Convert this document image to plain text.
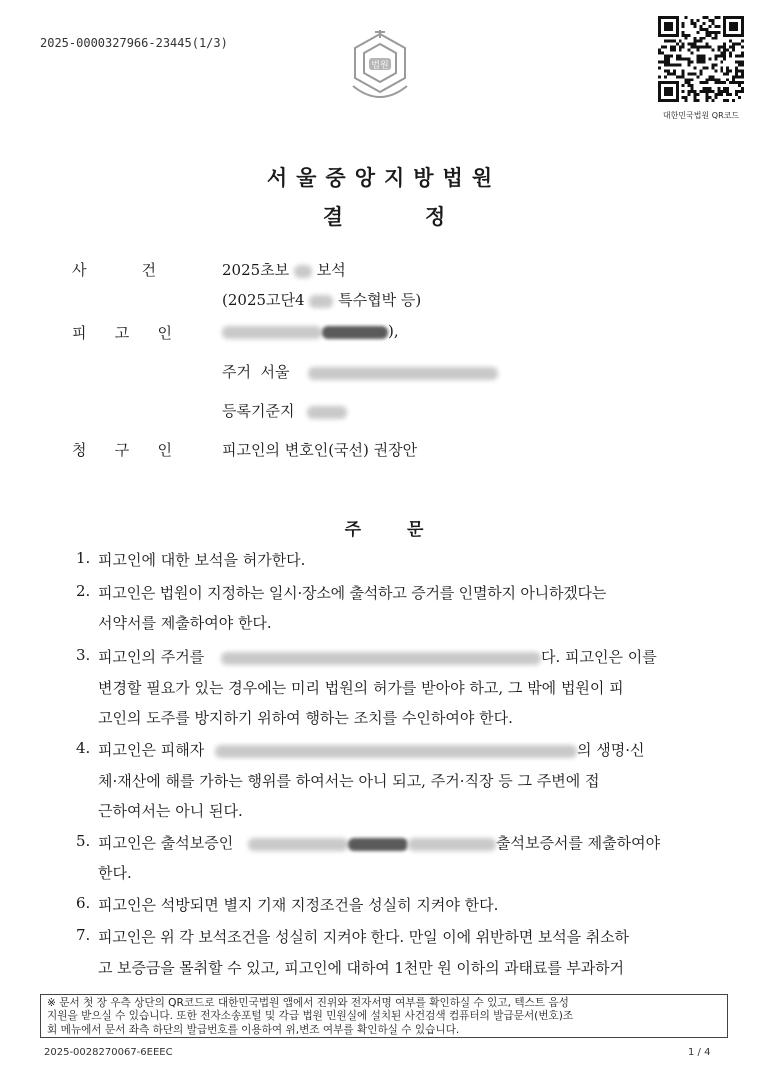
2025-0000327966-23445(1/3)
법원
대한민국법원 QR코드
서울중앙지방법원
결	정
사	건	2025초보 보석
(2025고단4 특수협박 등)
피 고 인	),
주거  서울
등록기준지
청 구 인	피고인의 변호인(국선) 권장안
주	문
1. 피고인에 대한 보석을 허가한다.
2. 피고인은 법원이 지정하는 일시·장소에 출석하고 증거를 인멸하지 아니하겠다는
서약서를 제출하여야 한다.
3. 피고인의 주거를	다. 피고인은 이를
변경할 필요가 있는 경우에는 미리 법원의 허가를 받아야 하고, 그 밖에 법원이 피
고인의 도주를 방지하기 위하여 행하는 조치를 수인하여야 한다.
4. 피고인은 피해자	의 생명·신
체·재산에 해를 가하는 행위를 하여서는 아니 되고, 주거·직장 등 그 주변에 접
근하여서는 아니 된다.
5. 피고인은 출석보증인	출석보증서를 제출하여야
한다.
6. 피고인은 석방되면 별지 기재 지정조건을 성실히 지켜야 한다.
7. 피고인은 위 각 보석조건을 성실히 지켜야 한다. 만일 이에 위반하면 보석을 취소하
고 보증금을 몰취할 수 있고, 피고인에 대하여 1천만 원 이하의 과태료를 부과하거
※ 문서 첫 장 우측 상단의 QR코드로 대한민국법원 앱에서 진위와 전자서명 여부를 확인하실 수 있고, 텍스트 음성
지원을 받으실 수 있습니다. 또한 전자소송포털 및 각급 법원 민원실에 설치된 사건검색 컴퓨터의 발급문서(번호)조
회 메뉴에서 문서 좌측 하단의 발급번호를 이용하여 위,변조 여부를 확인하실 수 있습니다.
2025-0028270067-6EEEC	1 / 4
